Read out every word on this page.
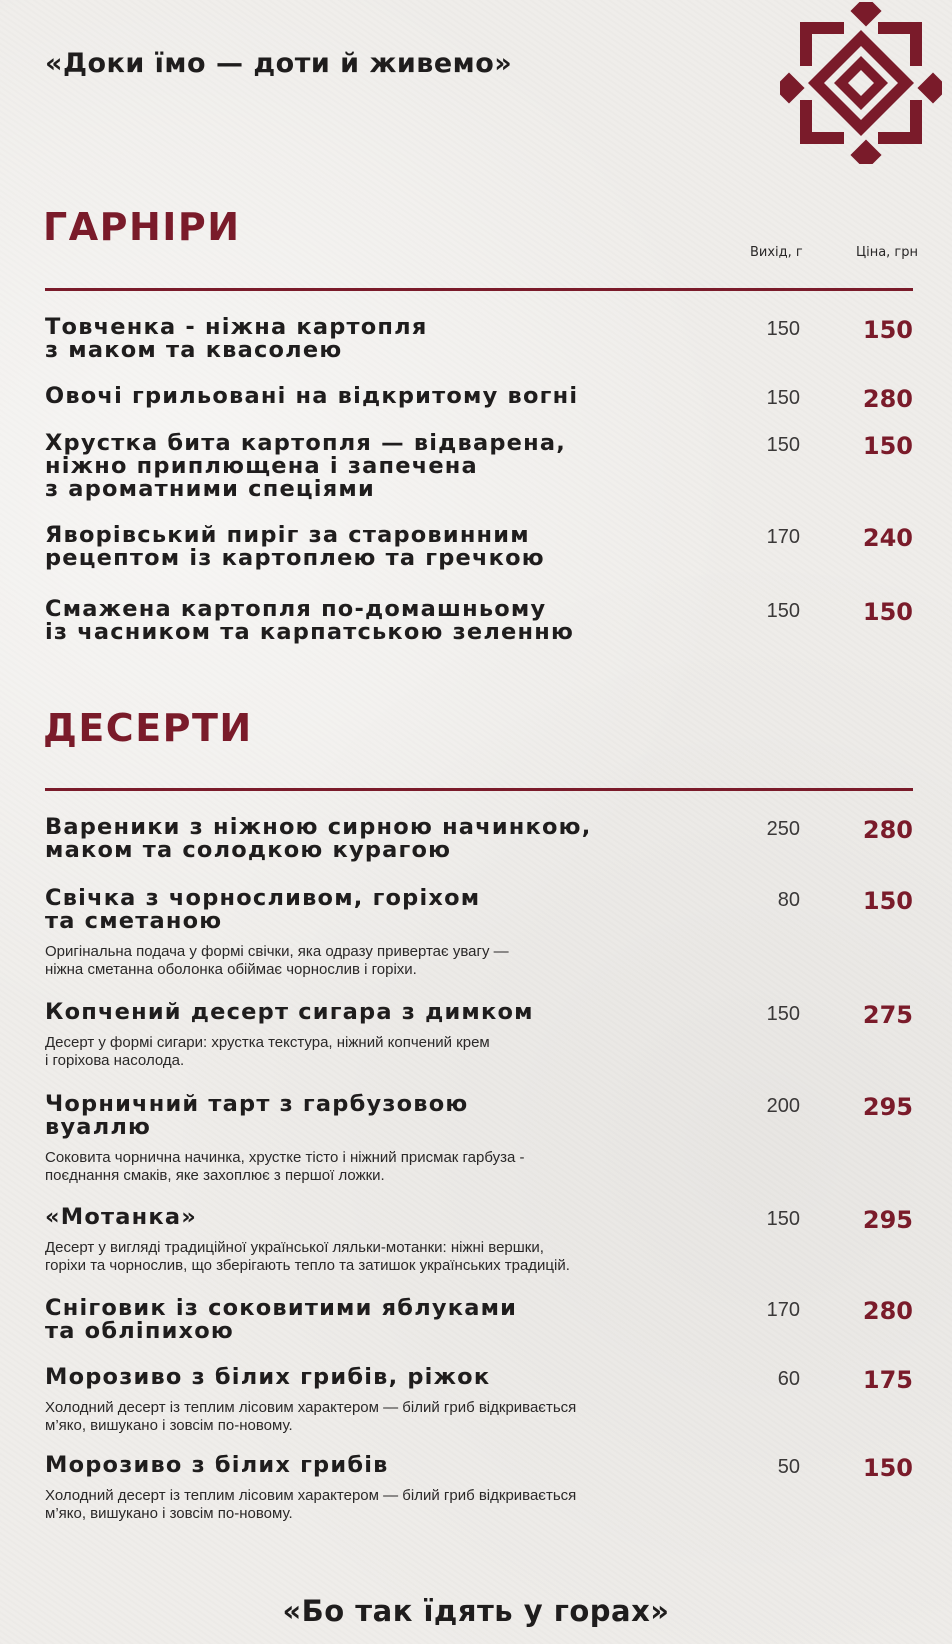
«Доки їмо — доти й живемо»
ГАРНІРИ
Вихід, г	Ціна, грн

Товченка - ніжна картопля
з маком та квасолею

150	150

Овочі грильовані на відкритому вогні	150	280

Хрустка бита картопля — відварена,
ніжно приплющена і запечена
з ароматними спеціями

150	150

Яворівський пиріг за старовинним
рецептом із картоплею та гречкою

170	240

Смажена картопля по-домашньому
із часником та карпатською зеленню

150	150
ДЕСЕРТИ

Вареники з ніжною сирною начинкою,
маком та солодкою курагою

250	280

Свічка з чорносливом, горіхом
та сметаною

Оригінальна подача у формі свічки, яка одразу привертає увагу —
ніжна сметанна оболонка обіймає чорнослив і горіхи.

80	150

Копчений десерт сигара з димком

Десерт у формі сигари: хрустка текстура, ніжний копчений крем
і горіхова насолода.

150	275

Чорничний тарт з гарбузовою
вуаллю

Соковита чорнична начинка, хрустке тісто і ніжний присмак гарбуза -
поєднання смаків, яке захоплює з першої ложки.

200	295

«Мотанка»

Десерт у вигляді традиційної української ляльки-мотанки: ніжні вершки,
горіхи та чорнослив, що зберігають тепло та затишок українських традицій.

150	295

Сніговик із соковитими яблуками
та обліпихою

170	280

Морозиво з білих грибів, ріжок

Холодний десерт із теплим лісовим характером — білий гриб відкривається
м’яко, вишукано і зовсім по-новому.

60	175

Морозиво з білих грибів

Холодний десерт із теплим лісовим характером — білий гриб відкривається
м’яко, вишукано і зовсім по-новому.

50	150

«Бо так їдять у горах»
